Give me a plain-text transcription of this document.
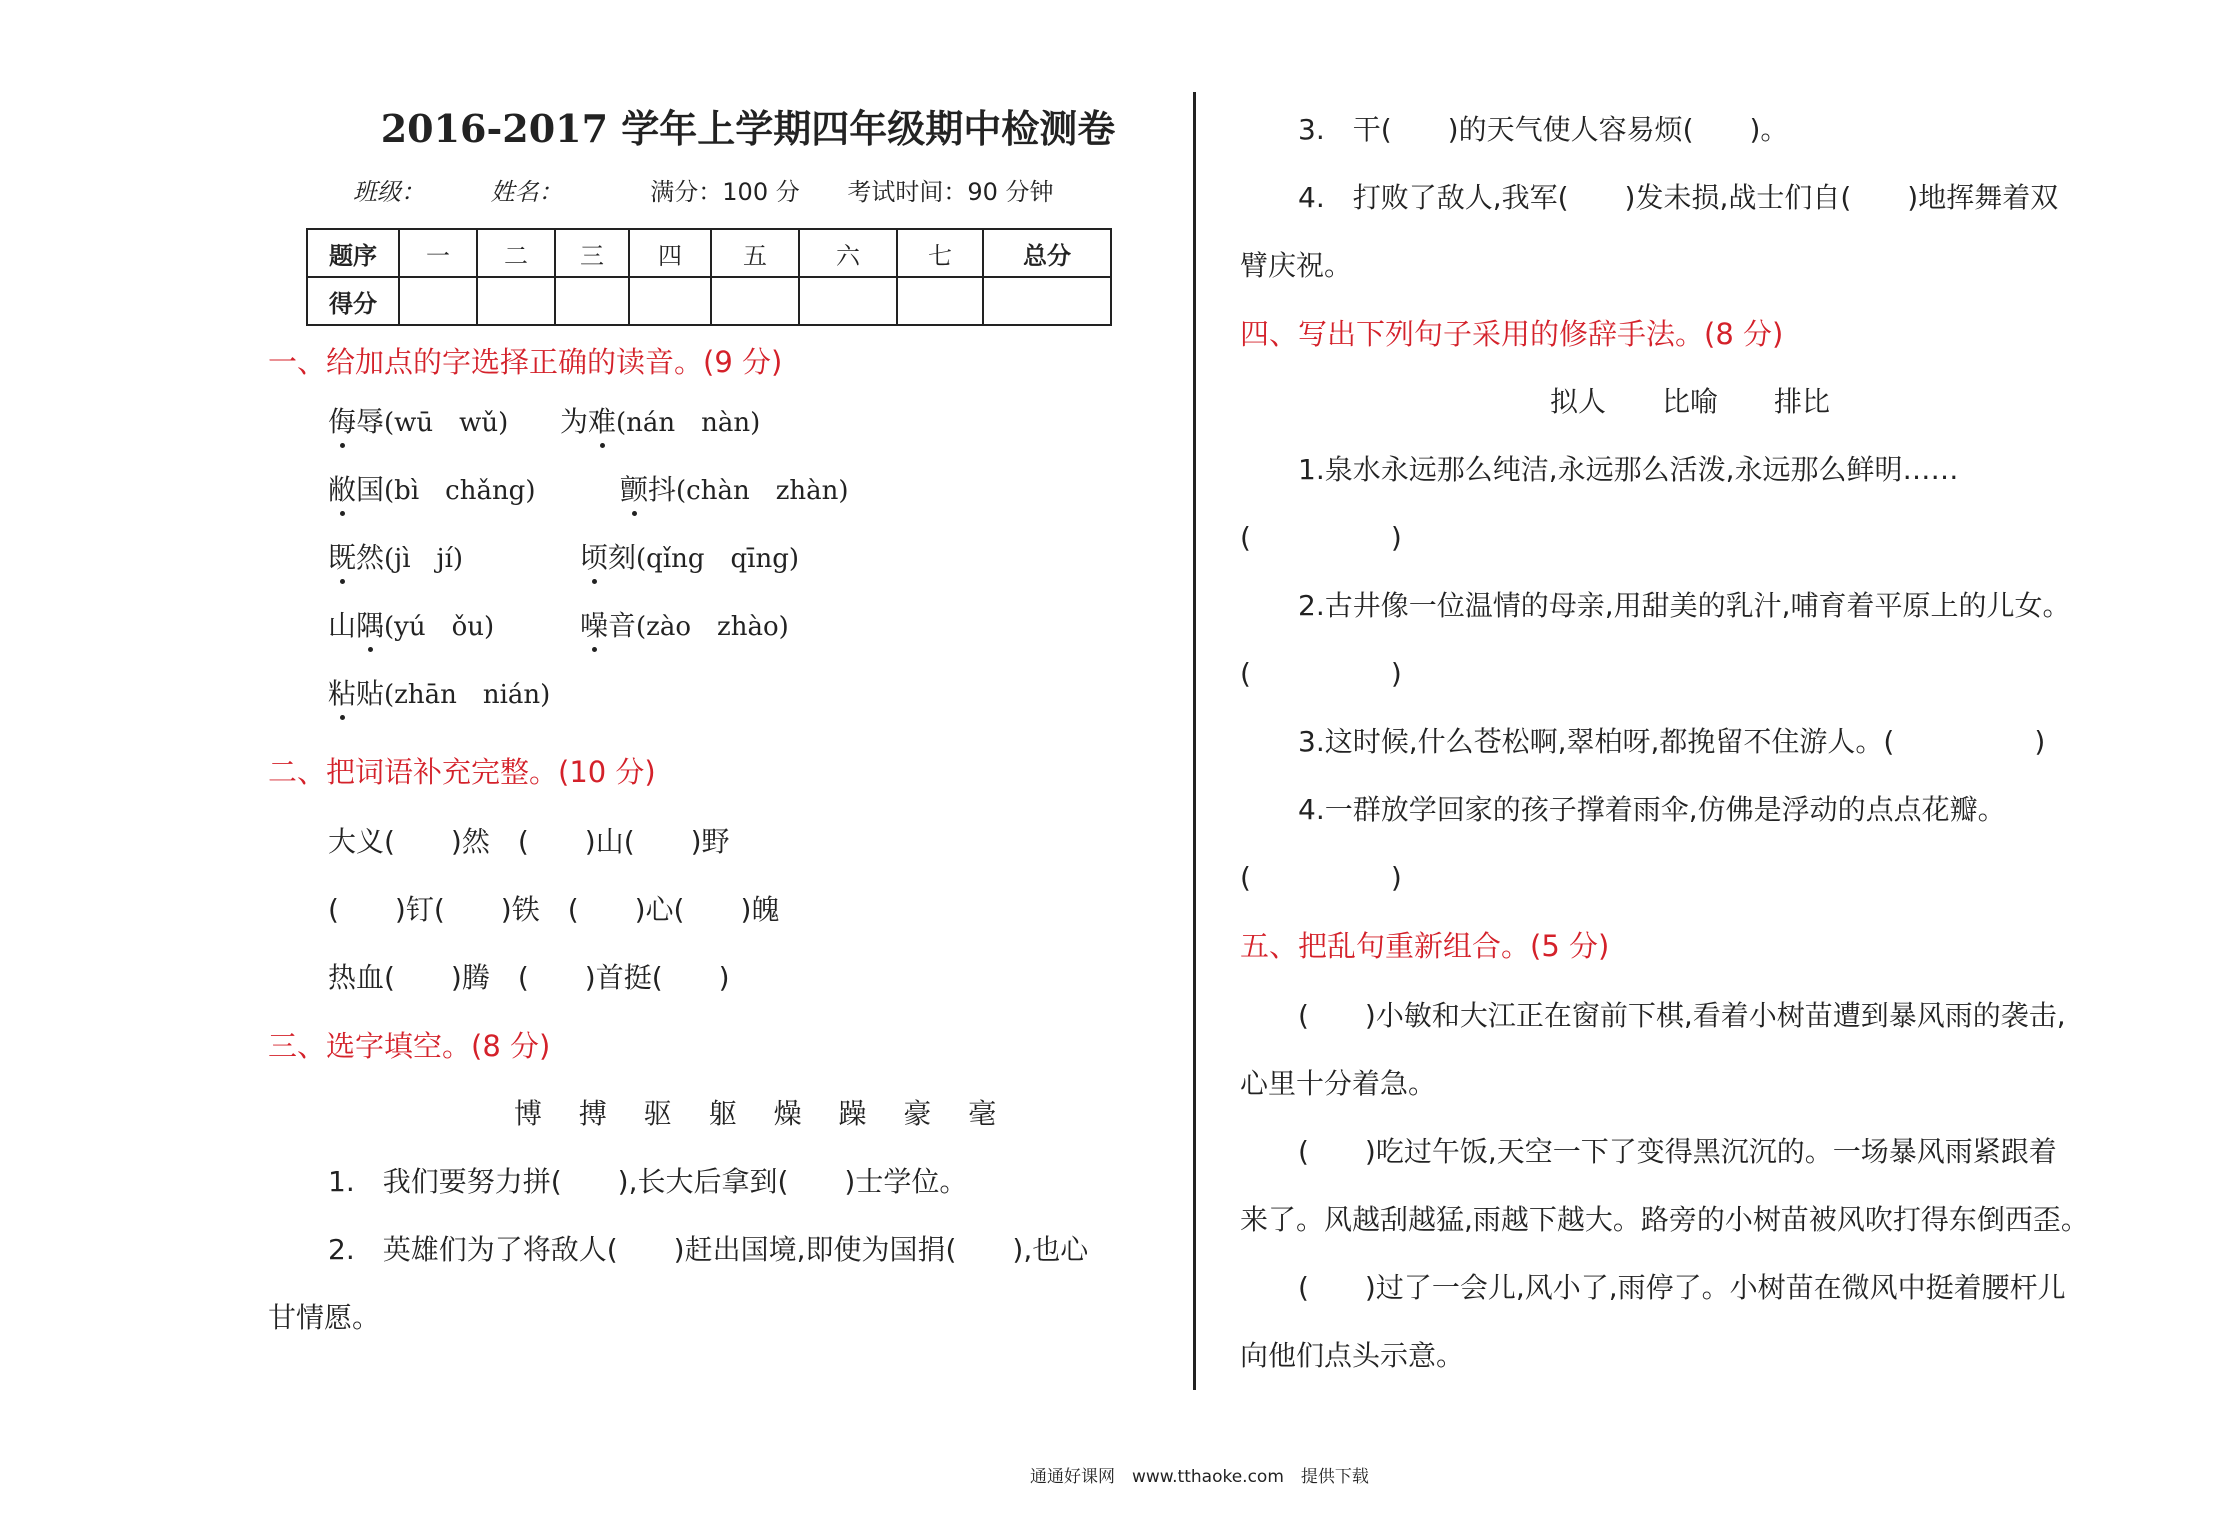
2016-2017 学年上学期四年级期中检测卷
班级：	姓名：	满分：100 分 考试时间：90 分钟
题序	一	二	三	四	五	六	七	总分
得分								
一、给加点的字选择正确的读音。(9 分)
侮辱(wū　wǔ) 为难(nán　nàn)
敝国(bì　chǎng)	颤抖(chàn　zhàn)
既然(jì　jí)	顷刻(qǐng　qīng)
山隅(yú　ǒu)	噪音(zào　zhào)
粘贴(zhān　nián)
二、把词语补充完整。(10 分)
大义(　　)然　(　　)山(　　)野
(　　)钉(　　)铁　(　　)心(　　)魄
热血(　　)腾　(　　)首挺(　　)
三、选字填空。(8 分)
博 搏 驱 躯 燥 躁 豪 毫
1.　我们要努力拼(　　),长大后拿到(　　)士学位。
2.　英雄们为了将敌人(　　)赶出国境,即使为国捐(　　),也心
甘情愿。
3.　干(　　)的天气使人容易烦(　　)。
4.　打败了敌人,我军(　　)发未损,战士们自(　　)地挥舞着双
臂庆祝。
四、写出下列句子采用的修辞手法。(8 分)
拟人　　比喻　　排比
1.泉水永远那么纯洁,永远那么活泼,永远那么鲜明……
(　　　　　)
2.古井像一位温情的母亲,用甜美的乳汁,哺育着平原上的儿女。
(　　　　　)
3.这时候,什么苍松啊,翠柏呀,都挽留不住游人。(　　　　　)
4.一群放学回家的孩子撑着雨伞,仿佛是浮动的点点花瓣。
(　　　　　)
五、把乱句重新组合。(5 分)
(　　)小敏和大江正在窗前下棋,看着小树苗遭到暴风雨的袭击,
心里十分着急。
(　　)吃过午饭,天空一下了变得黑沉沉的。一场暴风雨紧跟着
来了。风越刮越猛,雨越下越大。路旁的小树苗被风吹打得东倒西歪。
(　　)过了一会儿,风小了,雨停了。小树苗在微风中挺着腰杆儿
向他们点头示意。
通通好课网　www.tthaoke.com　提供下载
